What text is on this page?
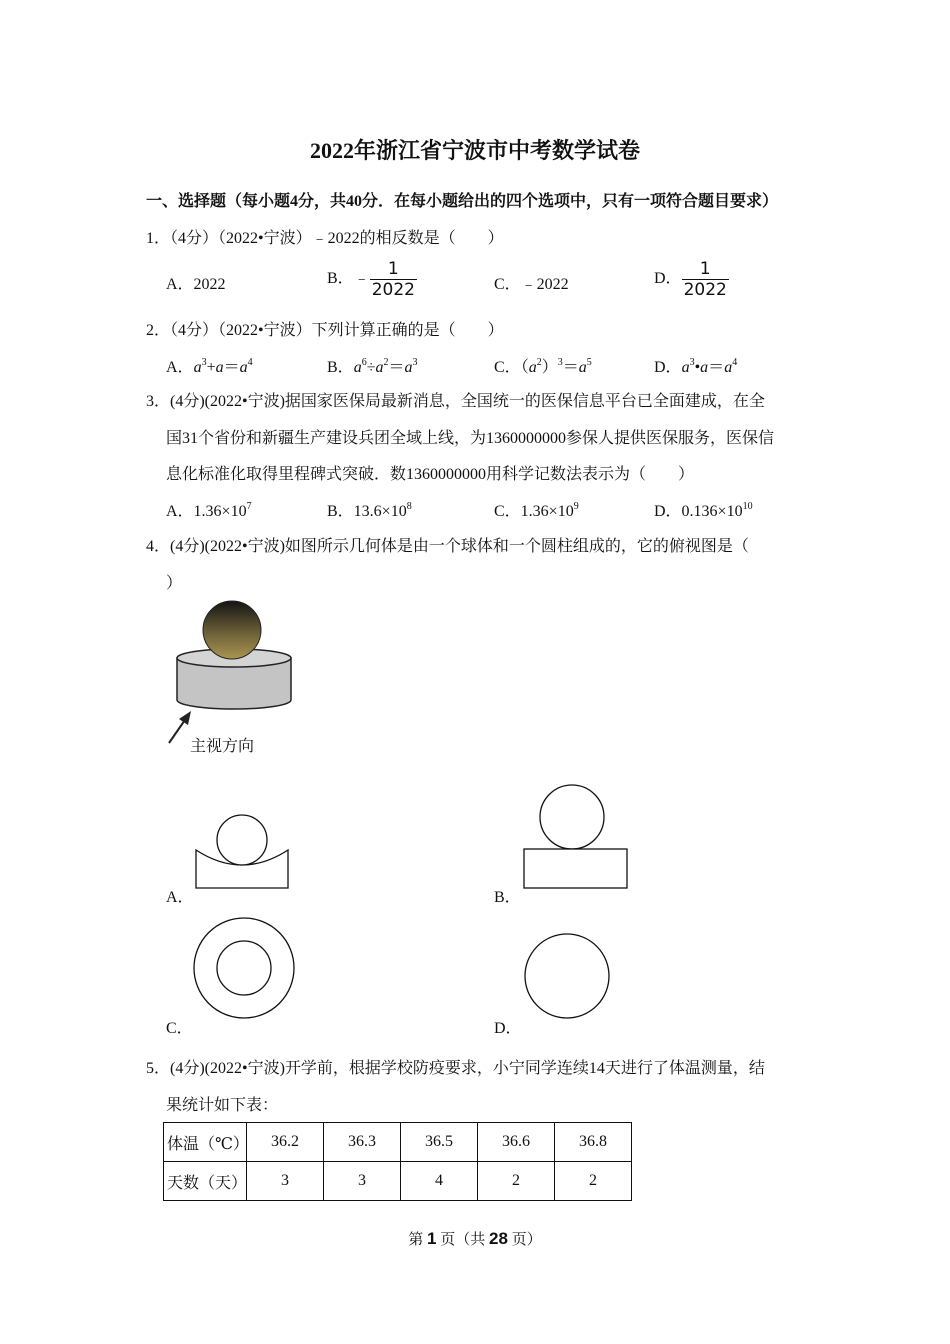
2022年浙江省宁波市中考数学试卷
一、选择题（每小题4分，共40分．在每小题给出的四个选项中，只有一项符合题目要求）
1．（4分）（2022•宁波）﹣2022的相反数是（　　）
A．2022	B．﹣ $\frac{1}{2022}$	C．﹣2022	D． $\frac{1}{2022}$
2．（4分）（2022•宁波）下列计算正确的是（　　）
A．$a^3+a=a^4$	B．$a^6\div a^2=a^3$	C．$(a^2)^3=a^5$	D．$a^3•a=a^4$
3．(4分)(2022•宁波)据国家医保局最新消息，全国统一的医保信息平台已全面建成，在全
国31个省份和新疆生产建设兵团全域上线，为1360000000参保人提供医保服务，医保信
息化标准化取得里程碑式突破．数1360000000用科学记数法表示为（　　）
A．$1.36\times 10^7$	B．$13.6\times 10^8$	C．$1.36\times 10^9$	D．$0.136\times 10^{10}$
4．(4分)(2022•宁波)如图所示几何体是由一个球体和一个圆柱组成的，它的俯视图是（
）
主视方向
A．	B．
C．	D．
5．(4分)(2022•宁波)开学前，根据学校防疫要求，小宁同学连续14天进行了体温测量，结
果统计如下表：
体温（℃）	36.2	36.3	36.5	36.6	36.8
天数（天）	3	3	4	2	2
第 1 页（共 28 页）
